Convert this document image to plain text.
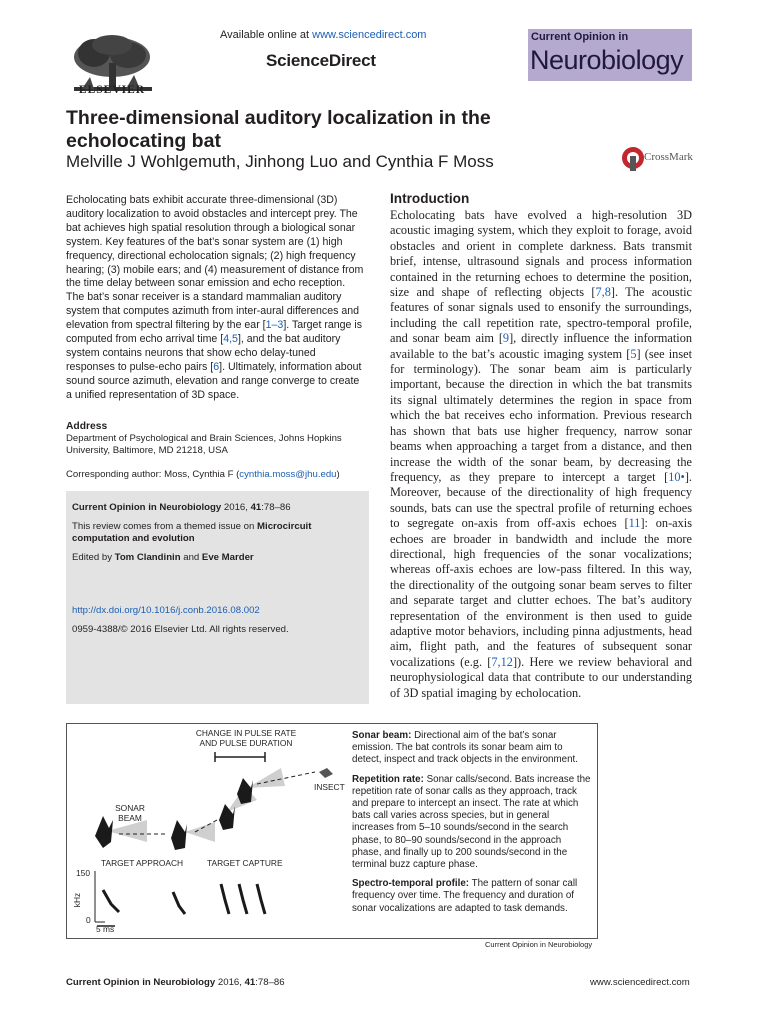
ELSEVIER
Available online at www.sciencedirect.com
ScienceDirect
Current Opinion in
Neurobiology
Three-dimensional auditory localization in the echolocating bat
Melville J Wohlgemuth, Jinhong Luo and Cynthia F Moss	CrossMark
Echolocating bats exhibit accurate three-dimensional (3D) auditory localization to avoid obstacles and intercept prey. The bat achieves high spatial resolution through a biological sonar system. Key features of the bat’s sonar system are (1) high frequency, directional echolocation signals; (2) high frequency hearing; (3) mobile ears; and (4) measurement of distance from the time delay between sonar emission and echo reception. The bat’s sonar receiver is a standard mammalian auditory system that computes azimuth from inter-aural differences and elevation from spectral filtering by the ear [1–3]. Target range is computed from echo arrival time [4,5], and the bat auditory system contains neurons that show echo delay-tuned responses to pulse-echo pairs [6]. Ultimately, information about sound source azimuth, elevation and range converge to create a unified representation of 3D space.
Address
Department of Psychological and Brain Sciences, Johns Hopkins University, Baltimore, MD 21218, USA
Corresponding author: Moss, Cynthia F (cynthia.moss@jhu.edu)
Current Opinion in Neurobiology 2016, 41:78–86
This review comes from a themed issue on Microcircuit computation and evolution
Edited by Tom Clandinin and Eve Marder
http://dx.doi.org/10.1016/j.conb.2016.08.002
0959-4388/© 2016 Elsevier Ltd. All rights reserved.
Introduction
Echolocating bats have evolved a high-resolution 3D acoustic imaging system, which they exploit to forage, avoid obstacles and orient in complete darkness. Bats transmit brief, intense, ultrasound signals and process information contained in the returning echoes to determine the position, size and shape of reflecting objects [7,8]. The acoustic features of sonar signals used to ensonify the surroundings, including the call repetition rate, spectro-temporal profile, and sonar beam aim [9], directly influence the information available to the bat’s acoustic imaging system [5] (see inset for terminology). The sonar beam aim is particularly important, because the direction in which the bat transmits its signal ultimately determines the region in space from which the bat receives echo information. Previous research has shown that bats use higher frequency, narrow sonar beams when approaching a target from a distance, and then increase the width of the sonar beam, by decreasing the frequency, as they prepare to intercept a target [10•]. Moreover, because of the directionality of high frequency sounds, bats can use the spectral profile of returning echoes to segregate on-axis from off-axis echoes [11]: on-axis echoes are broader in bandwidth and include the more directional, high frequencies of the sonar vocalizations; whereas off-axis echoes are low-pass filtered. In this way, the directionality of the outgoing sonar beam serves to filter and separate target and clutter echoes. The bat’s auditory representation of the environment is then used to guide adaptive motor behaviors, including pinna adjustments, head aim, flight path, and the features of subsequent sonar vocalizations (e.g. [7,12]). Here we review behavioral and neurophysiological data that contribute to our understanding of 3D spatial imaging by echolocation.
CHANGE IN PULSE RATE AND PULSE DURATION
SONAR BEAM
INSECT
TARGET APPROACH	TARGET CAPTURE
150
kHz
0
5 ms
Sonar beam: Directional aim of the bat’s sonar emission. The bat controls its sonar beam aim to detect, inspect and track objects in the environment.
Repetition rate: Sonar calls/second. Bats increase the repetition rate of sonar calls as they approach, track and prepare to intercept an insect. The rate at which bats call varies across species, but in general increases from 5–10 sounds/second in the search phase, to 80–90 sounds/second in the approach phase, and finally up to 200 sounds/second in the terminal buzz capture phase.
Spectro-temporal profile: The pattern of sonar call frequency over time. The frequency and duration of sonar vocalizations are adapted to task demands.
Current Opinion in Neurobiology
Current Opinion in Neurobiology 2016, 41:78–86	www.sciencedirect.com
